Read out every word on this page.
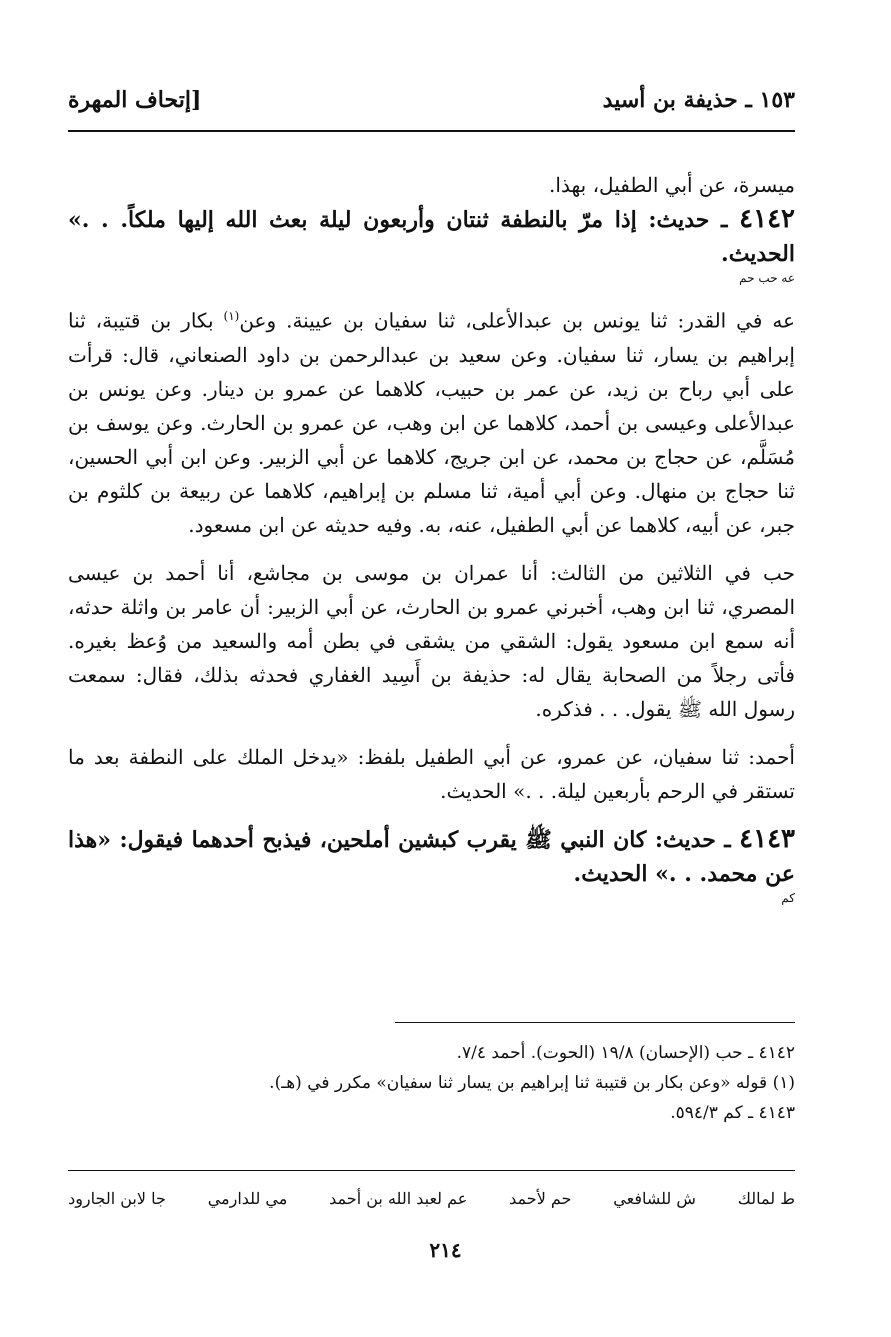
١٥٣ ـ حذيفة بن أسيد
[إتحاف المهرة

ميسرة، عن أبي الطفيل، بهذا.

٤١٤٢ ـ حديث: إذا مرّ بالنطفة ثنتان وأربعون ليلة بعث الله إليها ملكاً. . .» الحديث.
عه حب حم

عه في القدر: ثنا يونس بن عبدالأعلى، ثنا سفيان بن عيينة. وعن$^{(١)}$ بكار بن قتيبة، ثنا إبراهيم بن يسار، ثنا سفيان. وعن سعيد بن عبدالرحمن بن داود الصنعاني، قال: قرأت على أبي رباح بن زيد، عن عمر بن حبيب، كلاهما عن عمرو بن دينار. وعن يونس بن عبدالأعلى وعيسى بن أحمد، كلاهما عن ابن وهب، عن عمرو بن الحارث. وعن يوسف بن مُسَلَّم، عن حجاج بن محمد، عن ابن جريج، كلاهما عن أبي الزبير. وعن ابن أبي الحسين، ثنا حجاج بن منهال. وعن أبي أمية، ثنا مسلم بن إبراهيم، كلاهما عن ربيعة بن كلثوم بن جبر، عن أبيه، كلاهما عن أبي الطفيل، عنه، به. وفيه حديثه عن ابن مسعود.

حب في الثلاثين من الثالث: أنا عمران بن موسى بن مجاشع، أنا أحمد بن عيسى المصري، ثنا ابن وهب، أخبرني عمرو بن الحارث، عن أبي الزبير: أن عامر بن واثلة حدثه، أنه سمع ابن مسعود يقول: الشقي من يشقى في بطن أمه والسعيد من وُعظ بغيره. فأتى رجلاً من الصحابة يقال له: حذيفة بن أَسِيد الغفاري فحدثه بذلك، فقال: سمعت رسول الله ﷺ يقول. . . فذكره.

أحمد: ثنا سفيان، عن عمرو، عن أبي الطفيل بلفظ: «يدخل الملك على النطفة بعد ما تستقر في الرحم بأربعين ليلة. . .» الحديث.

٤١٤٣ ـ حديث: كان النبي ﷺ يقرب كبشين أملحين، فيذبح أحدهما فيقول: «هذا عن محمد. . .» الحديث.
كم

٤١٤٢ ـ حب (الإحسان) ١٩/٨ (الحوت). أحمد ٧/٤.

(١) قوله «وعن بكار بن قتيبة ثنا إبراهيم بن يسار ثنا سفيان» مكرر في (هـ).

٤١٤٣ ـ كم ٥٩٤/٣.

ط لمالك
ش للشافعي
حم لأحمد
عم لعبد الله بن أحمد
مي للدارمي
جا لابن الجارود
٢١٤
